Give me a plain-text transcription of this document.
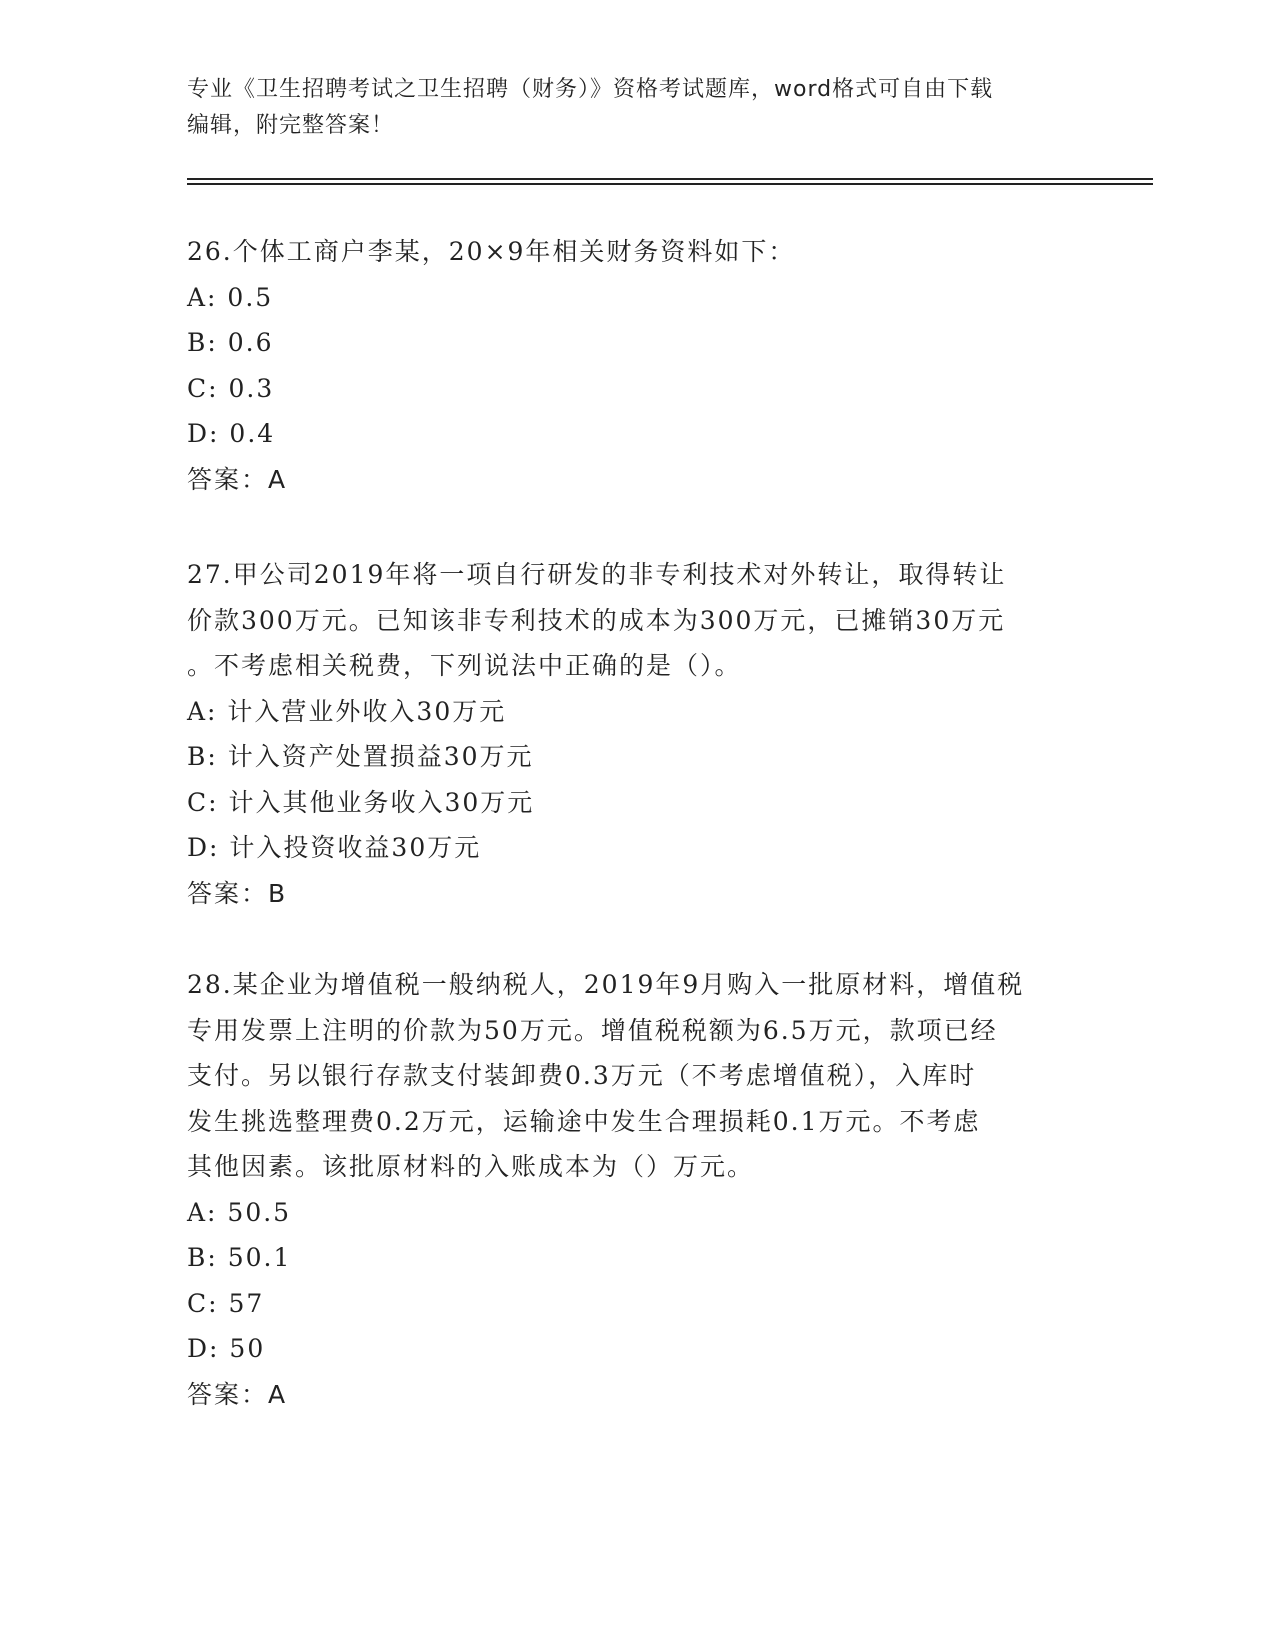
专业《卫生招聘考试之卫生招聘（财务）》资格考试题库，word格式可自由下载
编辑，附完整答案！
26.个体工商户李某，20×9年相关财务资料如下：
A: 0.5
B: 0.6
C: 0.3
D: 0.4
答案：A
27.甲公司2019年将一项自行研发的非专利技术对外转让，取得转让
价款300万元。已知该非专利技术的成本为300万元，已摊销30万元
。不考虑相关税费，下列说法中正确的是（）。
A: 计入营业外收入30万元
B: 计入资产处置损益30万元
C: 计入其他业务收入30万元
D: 计入投资收益30万元
答案：B
28.某企业为增值税一般纳税人，2019年9月购入一批原材料，增值税
专用发票上注明的价款为50万元。增值税税额为6.5万元，款项已经
支付。另以银行存款支付装卸费0.3万元（不考虑增值税），入库时
发生挑选整理费0.2万元，运输途中发生合理损耗0.1万元。不考虑
其他因素。该批原材料的入账成本为（）万元。
A: 50.5
B: 50.1
C: 57
D: 50
答案：A
